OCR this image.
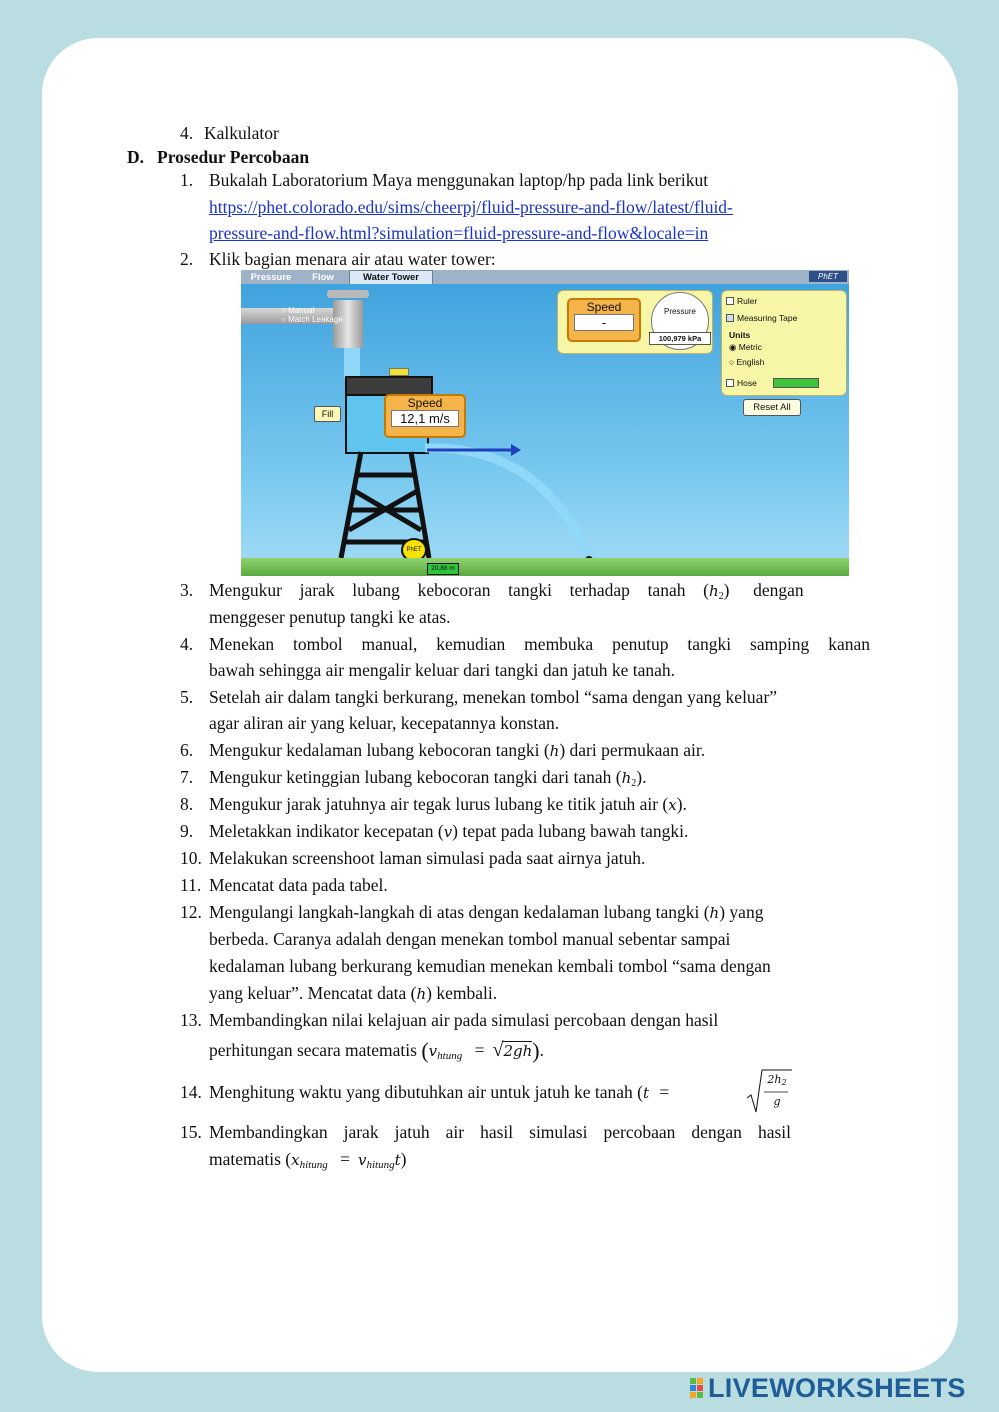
4. Kalkulator
D. Prosedur Percobaan
1. Bukalah Laboratorium Maya menggunakan laptop/hp pada link berikut
https://phet.colorado.edu/sims/cheerpj/fluid-pressure-and-flow/latest/fluid-
pressure-and-flow.html?simulation=fluid-pressure-and-flow&locale=in
2. Klik bagian menara air atau water tower:
Pressure	Flow	Water Tower	PhET
○ Manual
○ Match Leakage
Fill
Speed
12,1 m/s
Speed
-
Pressure
100,979 kPa
Ruler
Measuring Tape
Units
◉ Metric
○ English
Hose
Reset All
PhET
20,88 m
3. Mengukur jarak lubang kebocoran tangki terhadap tanah (h2) dengan
menggeser penutup tangki ke atas.
4. Menekan tombol manual, kemudian membuka penutup tangki samping kanan
bawah sehingga air mengalir keluar dari tangki dan jatuh ke tanah.
5. Setelah air dalam tangki berkurang, menekan tombol “sama dengan yang keluar”
agar aliran air yang keluar, kecepatannya konstan.
6. Mengukur kedalaman lubang kebocoran tangki (h) dari permukaan air.
7. Mengukur ketinggian lubang kebocoran tangki dari tanah (h2).
8. Mengukur jarak jatuhnya air tegak lurus lubang ke titik jatuh air (x).
9. Meletakkan indikator kecepatan (v) tepat pada lubang bawah tangki.
10. Melakukan screenshoot laman simulasi pada saat airnya jatuh.
11. Mencatat data pada tabel.
12. Mengulangi langkah-langkah di atas dengan kedalaman lubang tangki (h) yang
berbeda. Caranya adalah dengan menekan tombol manual sebentar sampai
kedalaman lubang berkurang kemudian menekan kembali tombol “sama dengan
yang keluar”. Mencatat data (h) kembali.
13. Membandingkan nilai kelajuan air pada simulasi percobaan dengan hasil
perhitungan secara matematis $(v_{htung} = √2gh)$.
14. Menghitung waktu yang dibutuhkan air untuk jatuh ke tanah (t =
2h2
g
15. Membandingkan jarak jatuh air hasil simulasi percobaan dengan hasil
matematis $(x_{hitung} = v_{hitung}t)$
LIVEWORKSHEETS
